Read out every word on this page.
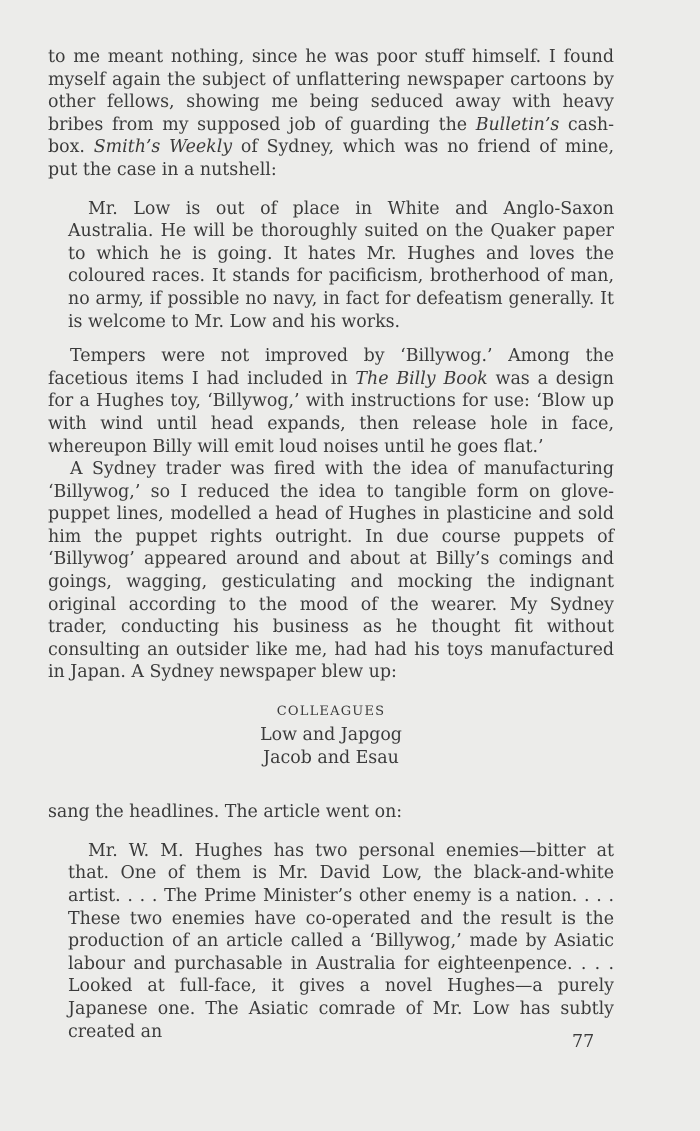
to me meant nothing, since he was poor stuff himself. I found myself again the subject of unflattering newspaper cartoons by other fellows, showing me being seduced away with heavy bribes from my supposed job of guarding the Bulletin’s cash-box. Smith’s Weekly of Sydney, which was no friend of mine, put the case in a nutshell:

Mr. Low is out of place in White and Anglo-Saxon Australia. He will be thoroughly suited on the Quaker paper to which he is going. It hates Mr. Hughes and loves the coloured races. It stands for pacificism, brotherhood of man, no army, if possible no navy, in fact for defeatism generally. It is welcome to Mr. Low and his works.

Tempers were not improved by ‘Billywog.’ Among the facetious items I had included in The Billy Book was a design for a Hughes toy, ‘Billywog,’ with instructions for use: ‘Blow up with wind until head expands, then release hole in face, whereupon Billy will emit loud noises until he goes flat.’

A Sydney trader was fired with the idea of manufacturing ‘Billywog,’ so I reduced the idea to tangible form on glove-puppet lines, modelled a head of Hughes in plasticine and sold him the puppet rights outright. In due course puppets of ‘Billywog’ appeared around and about at Billy’s comings and goings, wagging, gesticulating and mocking the indignant original according to the mood of the wearer. My Sydney trader, conducting his business as he thought fit without consulting an outsider like me, had had his toys manufactured in Japan. A Sydney newspaper blew up:

COLLEAGUES
Low and Japgog
Jacob and Esau

sang the headlines. The article went on:

Mr. W. M. Hughes has two personal enemies—bitter at that. One of them is Mr. David Low, the black-and-white artist. . . . The Prime Minister’s other enemy is a nation. . . . These two enemies have co-operated and the result is the production of an article called a ‘Billywog,’ made by Asiatic labour and purchasable in Australia for eighteenpence. . . . Looked at full-face, it gives a novel Hughes—a purely Japanese one. The Asiatic comrade of Mr. Low has subtly created an

77
